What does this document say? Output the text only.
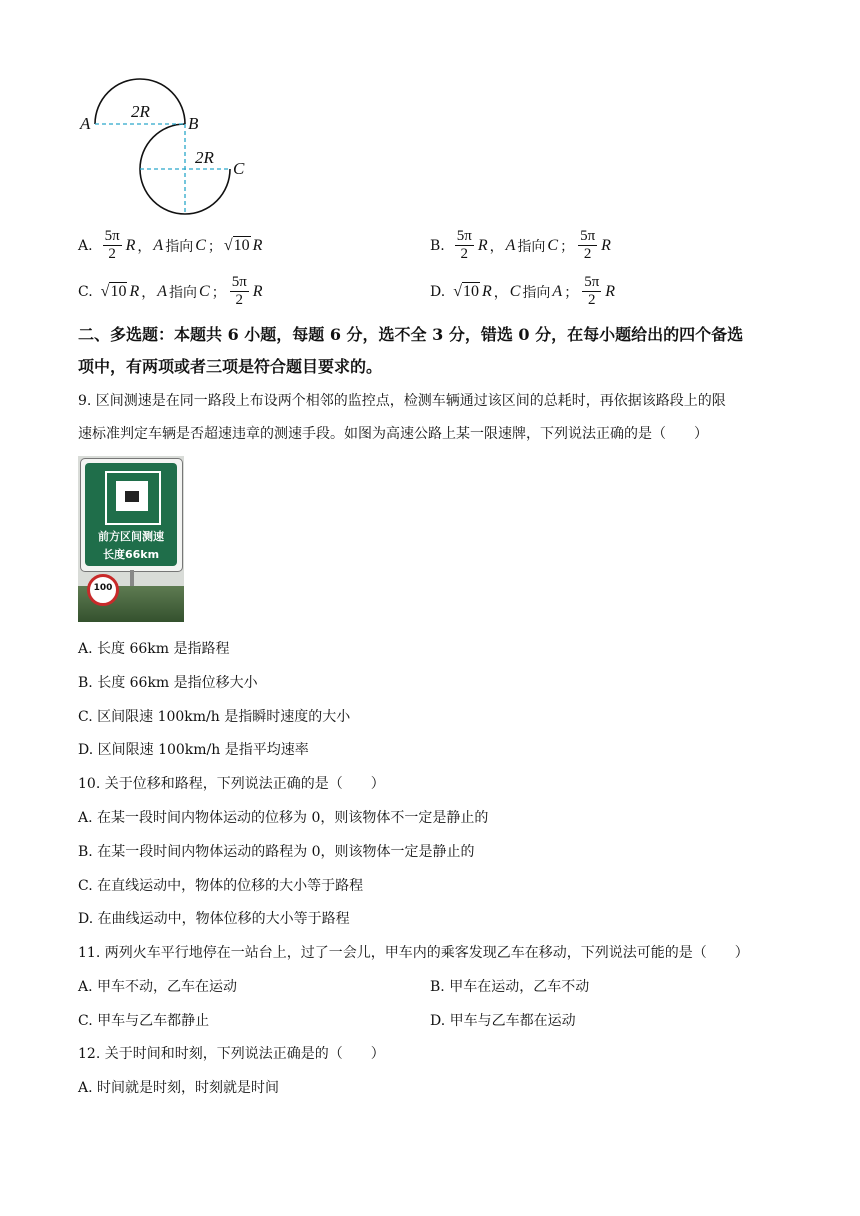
A	B
C
2R
2R
A. $\frac{5\pi}{2}$ R ， A 指向 C ； √10 R	B. $\frac{5\pi}{2}$ R ， A 指向 C ； $\frac{5\pi}{2}$ R
C. √10 R ， A 指向 C ； $\frac{5\pi}{2}$ R	D. √10 R ， C 指向 A ； $\frac{5\pi}{2}$ R
二、多选题：本题共 6 小题，每题 6 分，选不全 3 分，错选 0 分，在每小题给出的四个备选
项中，有两项或者三项是符合题目要求的。
9. 区间测速是在同一路段上布设两个相邻的监控点，检测车辆通过该区间的总耗时，再依据该路段上的限
速标准判定车辆是否超速违章的测速手段。如图为高速公路上某一限速牌，下列说法正确的是（　　）
前方区间测速
长度66km
100
A. 长度 66km 是指路程
B. 长度 66km 是指位移大小
C. 区间限速 100km/h 是指瞬时速度的大小
D. 区间限速 100km/h 是指平均速率
10. 关于位移和路程，下列说法正确的是（　　）
A. 在某一段时间内物体运动的位移为 0，则该物体不一定是静止的
B. 在某一段时间内物体运动的路程为 0，则该物体一定是静止的
C. 在直线运动中，物体的位移的大小等于路程
D. 在曲线运动中，物体位移的大小等于路程
11. 两列火车平行地停在一站台上，过了一会儿，甲车内的乘客发现乙车在移动，下列说法可能的是（　　）
A. 甲车不动，乙车在运动	B. 甲车在运动，乙车不动
C. 甲车与乙车都静止	D. 甲车与乙车都在运动
12. 关于时间和时刻，下列说法正确是的（　　）
A. 时间就是时刻，时刻就是时间
